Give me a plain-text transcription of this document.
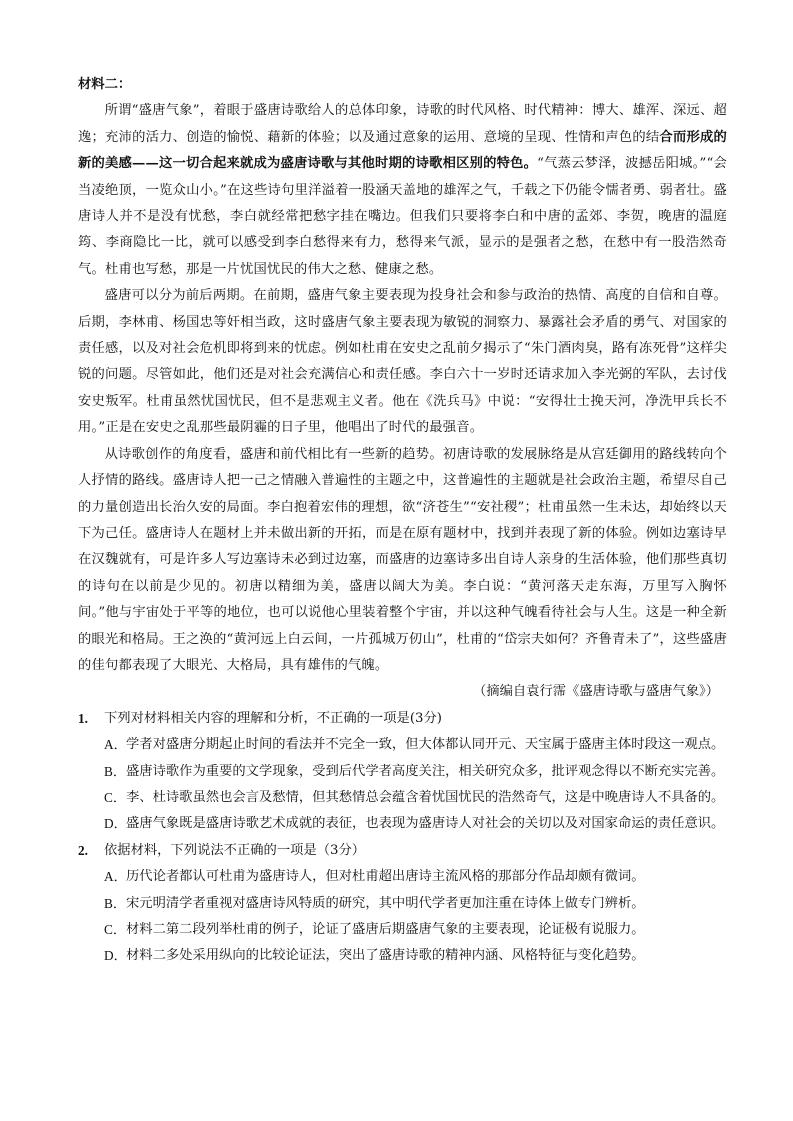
材料二：

所谓“盛唐气象”，着眼于盛唐诗歌给人的总体印象，诗歌的时代风格、时代精神：博大、雄浑、深远、超逸；充沛的活力、创造的愉悦、藉新的体验；以及通过意象的运用、意境的呈现、性情和声色的结合而形成的新的美感——这一切合起来就成为盛唐诗歌与其他时期的诗歌相区别的特色。“气蒸云梦泽，波撼岳阳城。”“会当凌绝顶，一览众山小。”在这些诗句里洋溢着一股涵天盖地的雄浑之气，千载之下仍能令懦者勇、弱者壮。盛唐诗人并不是没有忧愁，李白就经常把愁字挂在嘴边。但我们只要将李白和中唐的孟郊、李贺，晚唐的温庭筠、李商隐比一比，就可以感受到李白愁得来有力，愁得来气派，显示的是强者之愁，在愁中有一股浩然奇气。杜甫也写愁，那是一片忧国忧民的伟大之愁、健康之愁。

盛唐可以分为前后两期。在前期，盛唐气象主要表现为投身社会和参与政治的热情、高度的自信和自尊。后期，李林甫、杨国忠等奸相当政，这时盛唐气象主要表现为敏锐的洞察力、暴露社会矛盾的勇气、对国家的责任感，以及对社会危机即将到来的忧虑。例如杜甫在安史之乱前夕揭示了“朱门酒肉臭，路有冻死骨”这样尖锐的问题。尽管如此，他们还是对社会充满信心和责任感。李白六十一岁时还请求加入李光弼的军队，去讨伐安史叛军。杜甫虽然忧国忧民，但不是悲观主义者。他在《洗兵马》中说：“安得壮士挽天河，净洗甲兵长不用。”正是在安史之乱那些最阴霾的日子里，他唱出了时代的最强音。

从诗歌创作的角度看，盛唐和前代相比有一些新的趋势。初唐诗歌的发展脉络是从宫廷御用的路线转向个人抒情的路线。盛唐诗人把一己之情融入普遍性的主题之中，这普遍性的主题就是社会政治主题，希望尽自己的力量创造出长治久安的局面。李白抱着宏伟的理想，欲“济苍生”“安社稷”；杜甫虽然一生未达，却始终以天下为己任。盛唐诗人在题材上并未做出新的开拓，而是在原有题材中，找到并表现了新的体验。例如边塞诗早在汉魏就有，可是许多人写边塞诗未必到过边塞，而盛唐的边塞诗多出自诗人亲身的生活体验，他们那些真切的诗句在以前是少见的。初唐以精细为美，盛唐以阔大为美。李白说：“黄河落天走东海，万里写入胸怀间。”他与宇宙处于平等的地位，也可以说他心里装着整个宇宙，并以这种气魄看待社会与人生。这是一种全新的眼光和格局。王之涣的“黄河远上白云间，一片孤城万仞山”，杜甫的“岱宗夫如何？齐鲁青未了”，这些盛唐的佳句都表现了大眼光、大格局，具有雄伟的气魄。

（摘编自袁行霈《盛唐诗歌与盛唐气象》）

1.	下列对材料相关内容的理解和分析，不正确的一项是(3分)
A． 学者对盛唐分期起止时间的看法并不完全一致，但大体都认同开元、天宝属于盛唐主体时段这一观点。
B． 盛唐诗歌作为重要的文学现象，受到后代学者高度关注，相关研究众多，批评观念得以不断充实完善。
C． 李、杜诗歌虽然也会言及愁情，但其愁情总会蕴含着忧国忧民的浩然奇气，这是中晚唐诗人不具备的。
D． 盛唐气象既是盛唐诗歌艺术成就的表征，也表现为盛唐诗人对社会的关切以及对国家命运的责任意识。
2.	依据材料，下列说法不正确的一项是（3分）
A． 历代论者都认可杜甫为盛唐诗人，但对杜甫超出唐诗主流风格的那部分作品却颇有微词。
B． 宋元明清学者重视对盛唐诗风特质的研究，其中明代学者更加注重在诗体上做专门辨析。
C． 材料二第二段列举杜甫的例子，论证了盛唐后期盛唐气象的主要表现，论证极有说服力。
D． 材料二多处采用纵向的比较论证法，突出了盛唐诗歌的精神内涵、风格特征与变化趋势。
